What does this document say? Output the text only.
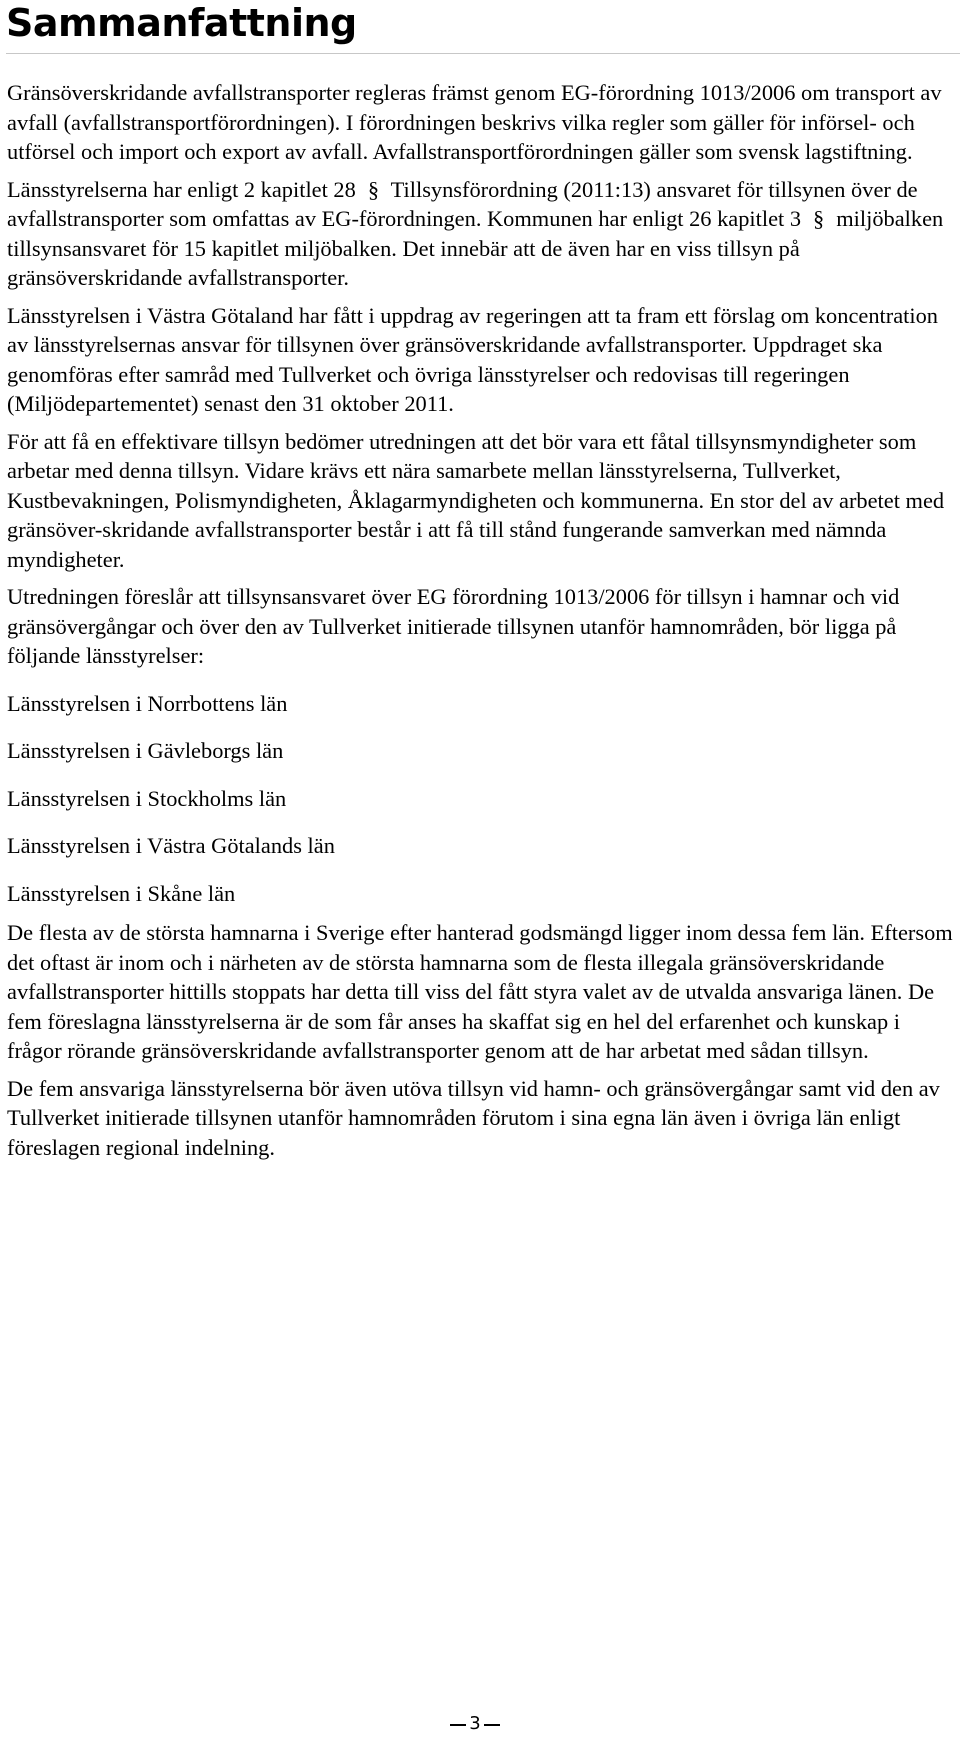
Sammanfattning

Gränsöverskridande avfallstransporter regleras främst genom EG-förordning 1013/2006 om transport av avfall (avfallstransportförordningen). I förordningen beskrivs vilka regler som gäller för införsel- och utförsel och import och export av avfall. Avfallstransportförordningen gäller som svensk lagstiftning.

Länsstyrelserna har enligt 2 kapitlet 28 § Tillsynsförordning (2011:13) ansvaret för tillsynen över de avfallstransporter som omfattas av EG-förordningen. Kommunen har enligt 26 kapitlet 3 § miljöbalken tillsynsansvaret för 15 kapitlet miljöbalken. Det innebär att de även har en viss tillsyn på gränsöverskridande avfallstransporter.

Länsstyrelsen i Västra Götaland har fått i uppdrag av regeringen att ta fram ett förslag om koncentration av länsstyrelsernas ansvar för tillsynen över gränsöverskridande avfallstransporter. Uppdraget ska genomföras efter samråd med Tullverket och övriga länsstyrelser och redovisas till regeringen (Miljödepartementet) senast den 31 oktober 2011.

För att få en effektivare tillsyn bedömer utredningen att det bör vara ett fåtal tillsynsmyndigheter som arbetar med denna tillsyn. Vidare krävs ett nära samarbete mellan länsstyrelserna, Tullverket, Kustbevakningen, Polismyndigheten, Åklagarmyndigheten och kommunerna. En stor del av arbetet med gränsöver-skridande avfallstransporter består i att få till stånd fungerande samverkan med nämnda myndigheter.

Utredningen föreslår att tillsynsansvaret över EG förordning 1013/2006 för tillsyn i hamnar och vid gränsövergångar och över den av Tullverket initierade tillsynen utanför hamnområden, bör ligga på följande länsstyrelser:

Länsstyrelsen i Norrbottens län

Länsstyrelsen i Gävleborgs län

Länsstyrelsen i Stockholms län

Länsstyrelsen i Västra Götalands län

Länsstyrelsen i Skåne län

De flesta av de största hamnarna i Sverige efter hanterad godsmängd ligger inom dessa fem län. Eftersom det oftast är inom och i närheten av de största hamnarna som de flesta illegala gränsöverskridande avfallstransporter hittills stoppats har detta till viss del fått styra valet av de utvalda ansvariga länen. De fem föreslagna länsstyrelserna är de som får anses ha skaffat sig en hel del erfarenhet och kunskap i frågor rörande gränsöverskridande avfallstransporter genom att de har arbetat med sådan tillsyn.

De fem ansvariga länsstyrelserna bör även utöva tillsyn vid hamn- och gränsövergångar samt vid den av Tullverket initierade tillsynen utanför hamnområden förutom i sina egna län även i övriga län enligt föreslagen regional indelning.

3
